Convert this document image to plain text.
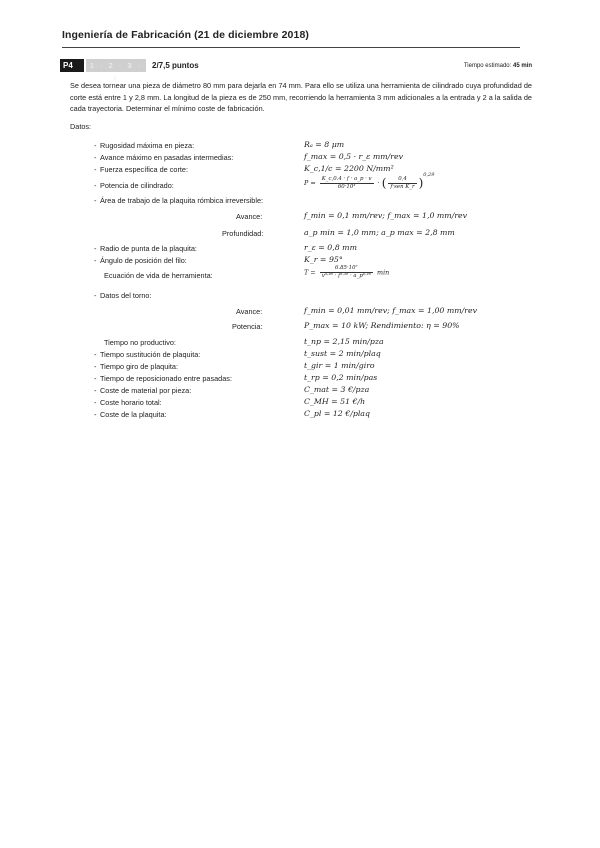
Ingeniería de Fabricación (21 de diciembre 2018)
P4	1 · 2 · 3 · 4
2/7,5 puntos	Tiempo estimado: 45 min
Se desea tornear una pieza de diámetro 80 mm para dejarla en 74 mm. Para ello se utiliza una herramienta de cilindrado cuya profundidad de corte está entre 1 y 2,8 mm. La longitud de la pieza es de 250 mm, recorriendo la herramienta 3 mm adicionales a la entrada y 2 a la salida de cada trayectoria. Determinar el mínimo coste de fabricación.
Datos:
- Rugosidad máxima en pieza:	Rₐ = 8 μm
- Avance máximo en pasadas intermedias:	f_max = 0,5 · r_ε mm/rev
- Fuerza específica de corte:	K_c,1/c = 2200 N/mm²
- Potencia de cilindrado:	$P = \frac{K\_c,0.4 \cdot f \cdot a\_p \cdot v}{\text{60·10³}}$ · ( $\frac{0,4}{\text{f·sen K\_r}} )^{0,29}$
- Área de trabajo de la plaquita rómbica irreversible:
Avance:	f_min = 0,1 mm/rev; f_max = 1,0 mm/rev
Profundidad:	a_p min = 1,0 mm; a_p max = 2,8 mm
- Radio de punta de la plaquita:	r_ε = 0,8 mm
- Ángulo de posición del filo:	K_r = 95°
Ecuación de vida de herramienta:	$T = \frac{\text{6.85·10⁷}}{\text{v³·⁹⁵ · f¹·¹⁶ · a\_p⁰·²⁶}}$ min
- Datos del torno:
Avance:	f_min = 0,01 mm/rev; f_max = 1,00 mm/rev
Potencia:	P_max = 10 kW; Rendimiento: η = 90%
Tiempo no productivo:	t_np = 2,15 min/pza
- Tiempo sustitución de plaquita:	t_sust = 2 min/plaq
- Tiempo giro de plaquita:	t_gir = 1 min/giro
- Tiempo de reposicionado entre pasadas:	t_rp = 0,2 min/pas
- Coste de material por pieza:	C_mat = 3 €/pza
- Coste horario total:	C_MH = 51 €/h
- Coste de la plaquita:	C_pl = 12 €/plaq
